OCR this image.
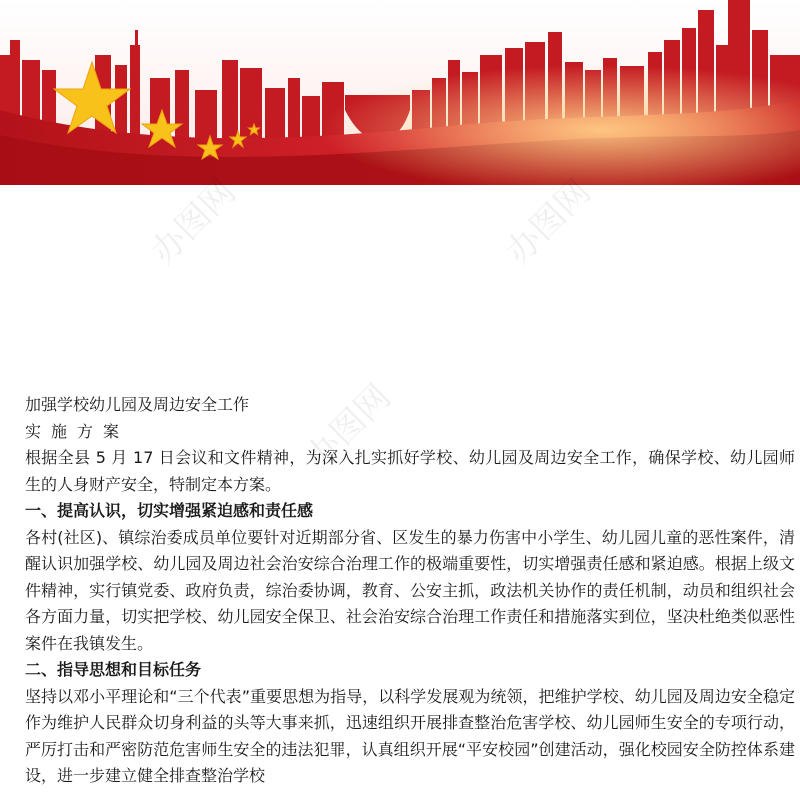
办图网	办图网
办图网

加强学校幼儿园及周边安全工作

实施方案

根据全县 5 月 17 日会议和文件精神，为深入扎实抓好学校、幼儿园及周边安全工作，确保学校、幼儿园师生的人身财产安全，特制定本方案。

一、提高认识，切实增强紧迫感和责任感

各村(社区)、镇综治委成员单位要针对近期部分省、区发生的暴力伤害中小学生、幼儿园儿童的恶性案件，清醒认识加强学校、幼儿园及周边社会治安综合治理工作的极端重要性，切实增强责任感和紧迫感。根据上级文件精神，实行镇党委、政府负责，综治委协调，教育、公安主抓，政法机关协作的责任机制，动员和组织社会各方面力量，切实把学校、幼儿园安全保卫、社会治安综合治理工作责任和措施落实到位，坚决杜绝类似恶性案件在我镇发生。

二、指导思想和目标任务

坚持以邓小平理论和“三个代表”重要思想为指导，以科学发展观为统领，把维护学校、幼儿园及周边安全稳定作为维护人民群众切身利益的头等大事来抓，迅速组织开展排查整治危害学校、幼儿园师生安全的专项行动，严厉打击和严密防范危害师生安全的违法犯罪，认真组织开展“平安校园”创建活动，强化校园安全防控体系建设，进一步建立健全排查整治学校
